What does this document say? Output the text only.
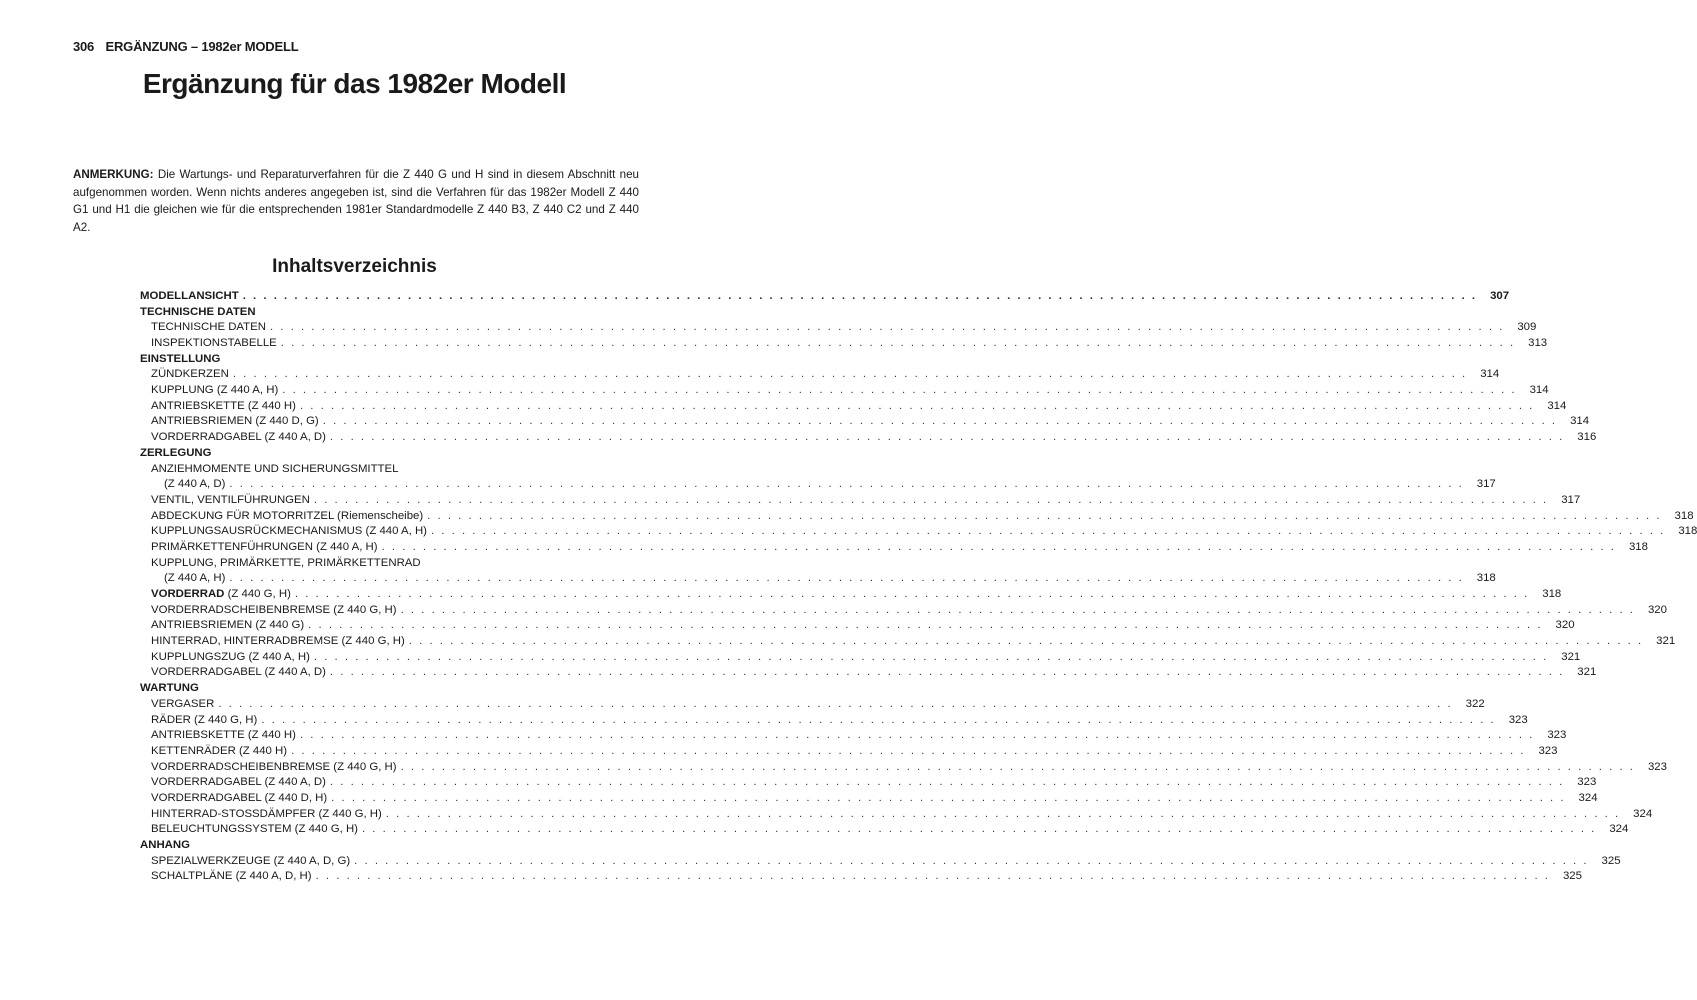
306 ERGÄNZUNG – 1982er MODELL
Ergänzung für das 1982er Modell
ANMERKUNG: Die Wartungs- und Reparaturverfahren für die Z 440 G und H sind in diesem Abschnitt neu aufgenommen worden. Wenn nichts anderes angegeben ist, sind die Verfahren für das 1982er Modell Z 440 G1 und H1 die gleichen wie für die entsprechenden 1981er Standardmodelle Z 440 B3, Z 440 C2 und Z 440 A2.
Inhaltsverzeichnis
MODELLANSICHT . . . . . . . . . . . . . . . . . . . . . . . . . . . . . . . . . . . . . . . . . . . . . . . . . . . . . . . . . . . . . . . . . . . . . . . . . . . . . . . . . . . . . . . . . . . . . . . . . . . . . . . . . . . . . . . . . . . . . . . .	307
TECHNISCHE DATEN
TECHNISCHE DATEN . . . . . . . . . . . . . . . . . . . . . . . . . . . . . . . . . . . . . . . . . . . . . . . . . . . . . . . . . . . . . . . . . . . . . . . . . . . . . . . . . . . . . . . . . . . . . . . . . . . . . . . . . . . . . . . . . . . . . . . .	309
INSPEKTIONSTABELLE . . . . . . . . . . . . . . . . . . . . . . . . . . . . . . . . . . . . . . . . . . . . . . . . . . . . . . . . . . . . . . . . . . . . . . . . . . . . . . . . . . . . . . . . . . . . . . . . . . . . . . . . . . . . . . . . . . . . . . . .	313
EINSTELLUNG
ZÜNDKERZEN . . . . . . . . . . . . . . . . . . . . . . . . . . . . . . . . . . . . . . . . . . . . . . . . . . . . . . . . . . . . . . . . . . . . . . . . . . . . . . . . . . . . . . . . . . . . . . . . . . . . . . . . . . . . . . . . . . . . . . . .	314
KUPPLUNG (Z 440 A, H) . . . . . . . . . . . . . . . . . . . . . . . . . . . . . . . . . . . . . . . . . . . . . . . . . . . . . . . . . . . . . . . . . . . . . . . . . . . . . . . . . . . . . . . . . . . . . . . . . . . . . . . . . . . . . . . . . . . . . . . .	314
ANTRIEBSKETTE (Z 440 H) . . . . . . . . . . . . . . . . . . . . . . . . . . . . . . . . . . . . . . . . . . . . . . . . . . . . . . . . . . . . . . . . . . . . . . . . . . . . . . . . . . . . . . . . . . . . . . . . . . . . . . . . . . . . . . . . . . . . . . . .	314
ANTRIEBSRIEMEN (Z 440 D, G) . . . . . . . . . . . . . . . . . . . . . . . . . . . . . . . . . . . . . . . . . . . . . . . . . . . . . . . . . . . . . . . . . . . . . . . . . . . . . . . . . . . . . . . . . . . . . . . . . . . . . . . . . . . . . . . . . . . . . . . .	314
VORDERRADGABEL (Z 440 A, D) . . . . . . . . . . . . . . . . . . . . . . . . . . . . . . . . . . . . . . . . . . . . . . . . . . . . . . . . . . . . . . . . . . . . . . . . . . . . . . . . . . . . . . . . . . . . . . . . . . . . . . . . . . . . . . . . . . . . . . . .	316
ZERLEGUNG
ANZIEHMOMENTE UND SICHERUNGSMITTEL
(Z 440 A, D) . . . . . . . . . . . . . . . . . . . . . . . . . . . . . . . . . . . . . . . . . . . . . . . . . . . . . . . . . . . . . . . . . . . . . . . . . . . . . . . . . . . . . . . . . . . . . . . . . . . . . . . . . . . . . . . . . . . . . . . .	317
VENTIL, VENTILFÜHRUNGEN . . . . . . . . . . . . . . . . . . . . . . . . . . . . . . . . . . . . . . . . . . . . . . . . . . . . . . . . . . . . . . . . . . . . . . . . . . . . . . . . . . . . . . . . . . . . . . . . . . . . . . . . . . . . . . . . . . . . . . . .	317
ABDECKUNG FÜR MOTORRITZEL (Riemenscheibe) . . . . . . . . . . . . . . . . . . . . . . . . . . . . . . . . . . . . . . . . . . . . . . . . . . . . . . . . . . . . . . . . . . . . . . . . . . . . . . . . . . . . . . . . . . . . . . . . . . . . . . . . . . . . . . . . . . . . . . . .	318
KUPPLUNGSAUSRÜCKMECHANISMUS (Z 440 A, H) . . . . . . . . . . . . . . . . . . . . . . . . . . . . . . . . . . . . . . . . . . . . . . . . . . . . . . . . . . . . . . . . . . . . . . . . . . . . . . . . . . . . . . . . . . . . . . . . . . . . . . . . . . . . . . . . . . . . . . . .	318
PRIMÄRKETTENFÜHRUNGEN (Z 440 A, H) . . . . . . . . . . . . . . . . . . . . . . . . . . . . . . . . . . . . . . . . . . . . . . . . . . . . . . . . . . . . . . . . . . . . . . . . . . . . . . . . . . . . . . . . . . . . . . . . . . . . . . . . . . . . . . . . . . . . . . . .	318
KUPPLUNG, PRIMÄRKETTE, PRIMÄRKETTENRAD
(Z 440 A, H) . . . . . . . . . . . . . . . . . . . . . . . . . . . . . . . . . . . . . . . . . . . . . . . . . . . . . . . . . . . . . . . . . . . . . . . . . . . . . . . . . . . . . . . . . . . . . . . . . . . . . . . . . . . . . . . . . . . . . . . .	318
VORDERRAD (Z 440 G, H) . . . . . . . . . . . . . . . . . . . . . . . . . . . . . . . . . . . . . . . . . . . . . . . . . . . . . . . . . . . . . . . . . . . . . . . . . . . . . . . . . . . . . . . . . . . . . . . . . . . . . . . . . . . . . . . . . . . . . . . .	318
VORDERRADSCHEIBENBREMSE (Z 440 G, H) . . . . . . . . . . . . . . . . . . . . . . . . . . . . . . . . . . . . . . . . . . . . . . . . . . . . . . . . . . . . . . . . . . . . . . . . . . . . . . . . . . . . . . . . . . . . . . . . . . . . . . . . . . . . . . . . . . . . . . . .	320
ANTRIEBSRIEMEN (Z 440 G) . . . . . . . . . . . . . . . . . . . . . . . . . . . . . . . . . . . . . . . . . . . . . . . . . . . . . . . . . . . . . . . . . . . . . . . . . . . . . . . . . . . . . . . . . . . . . . . . . . . . . . . . . . . . . . . . . . . . . . . .	320
HINTERRAD, HINTERRADBREMSE (Z 440 G, H) . . . . . . . . . . . . . . . . . . . . . . . . . . . . . . . . . . . . . . . . . . . . . . . . . . . . . . . . . . . . . . . . . . . . . . . . . . . . . . . . . . . . . . . . . . . . . . . . . . . . . . . . . . . . . . . . . . . . . . . .	321
KUPPLUNGSZUG (Z 440 A, H) . . . . . . . . . . . . . . . . . . . . . . . . . . . . . . . . . . . . . . . . . . . . . . . . . . . . . . . . . . . . . . . . . . . . . . . . . . . . . . . . . . . . . . . . . . . . . . . . . . . . . . . . . . . . . . . . . . . . . . . .	321
VORDERRADGABEL (Z 440 A, D) . . . . . . . . . . . . . . . . . . . . . . . . . . . . . . . . . . . . . . . . . . . . . . . . . . . . . . . . . . . . . . . . . . . . . . . . . . . . . . . . . . . . . . . . . . . . . . . . . . . . . . . . . . . . . . . . . . . . . . . .	321
WARTUNG
VERGASER . . . . . . . . . . . . . . . . . . . . . . . . . . . . . . . . . . . . . . . . . . . . . . . . . . . . . . . . . . . . . . . . . . . . . . . . . . . . . . . . . . . . . . . . . . . . . . . . . . . . . . . . . . . . . . . . . . . . . . . .	322
RÄDER (Z 440 G, H) . . . . . . . . . . . . . . . . . . . . . . . . . . . . . . . . . . . . . . . . . . . . . . . . . . . . . . . . . . . . . . . . . . . . . . . . . . . . . . . . . . . . . . . . . . . . . . . . . . . . . . . . . . . . . . . . . . . . . . . .	323
ANTRIEBSKETTE (Z 440 H) . . . . . . . . . . . . . . . . . . . . . . . . . . . . . . . . . . . . . . . . . . . . . . . . . . . . . . . . . . . . . . . . . . . . . . . . . . . . . . . . . . . . . . . . . . . . . . . . . . . . . . . . . . . . . . . . . . . . . . . .	323
KETTENRÄDER (Z 440 H) . . . . . . . . . . . . . . . . . . . . . . . . . . . . . . . . . . . . . . . . . . . . . . . . . . . . . . . . . . . . . . . . . . . . . . . . . . . . . . . . . . . . . . . . . . . . . . . . . . . . . . . . . . . . . . . . . . . . . . . .	323
VORDERRADSCHEIBENBREMSE (Z 440 G, H) . . . . . . . . . . . . . . . . . . . . . . . . . . . . . . . . . . . . . . . . . . . . . . . . . . . . . . . . . . . . . . . . . . . . . . . . . . . . . . . . . . . . . . . . . . . . . . . . . . . . . . . . . . . . . . . . . . . . . . . .	323
VORDERRADGABEL (Z 440 A, D) . . . . . . . . . . . . . . . . . . . . . . . . . . . . . . . . . . . . . . . . . . . . . . . . . . . . . . . . . . . . . . . . . . . . . . . . . . . . . . . . . . . . . . . . . . . . . . . . . . . . . . . . . . . . . . . . . . . . . . . .	323
VORDERRADGABEL (Z 440 D, H) . . . . . . . . . . . . . . . . . . . . . . . . . . . . . . . . . . . . . . . . . . . . . . . . . . . . . . . . . . . . . . . . . . . . . . . . . . . . . . . . . . . . . . . . . . . . . . . . . . . . . . . . . . . . . . . . . . . . . . . .	324
HINTERRAD-STOSSDÄMPFER (Z 440 G, H) . . . . . . . . . . . . . . . . . . . . . . . . . . . . . . . . . . . . . . . . . . . . . . . . . . . . . . . . . . . . . . . . . . . . . . . . . . . . . . . . . . . . . . . . . . . . . . . . . . . . . . . . . . . . . . . . . . . . . . . .	324
BELEUCHTUNGSSYSTEM (Z 440 G, H) . . . . . . . . . . . . . . . . . . . . . . . . . . . . . . . . . . . . . . . . . . . . . . . . . . . . . . . . . . . . . . . . . . . . . . . . . . . . . . . . . . . . . . . . . . . . . . . . . . . . . . . . . . . . . . . . . . . . . . . .	324
ANHANG
SPEZIALWERKZEUGE (Z 440 A, D, G) . . . . . . . . . . . . . . . . . . . . . . . . . . . . . . . . . . . . . . . . . . . . . . . . . . . . . . . . . . . . . . . . . . . . . . . . . . . . . . . . . . . . . . . . . . . . . . . . . . . . . . . . . . . . . . . . . . . . . . . .	325
SCHALTPLÄNE (Z 440 A, D, H) . . . . . . . . . . . . . . . . . . . . . . . . . . . . . . . . . . . . . . . . . . . . . . . . . . . . . . . . . . . . . . . . . . . . . . . . . . . . . . . . . . . . . . . . . . . . . . . . . . . . . . . . . . . . . . . . . . . . . . . .	325
